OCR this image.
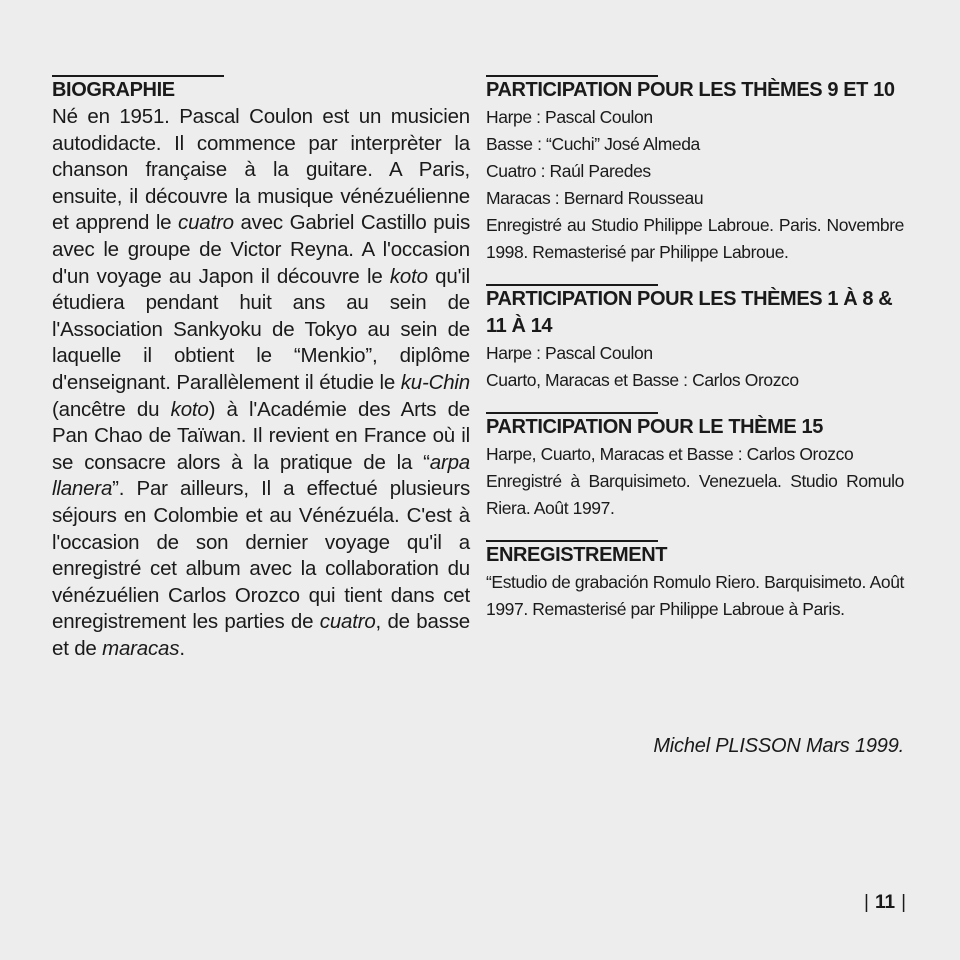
BIOGRAPHIE
Né en 1951. Pascal Coulon est un musicien autodidacte. Il commence par interprèter la chanson française à la guitare. A Paris, ensuite, il découvre la musique vénézuélienne et apprend le cuatro avec Gabriel Castillo puis avec le groupe de Victor Reyna. A l'occasion d'un voyage au Japon il découvre le koto qu'il étudiera pendant huit ans au sein de l'Association Sankyoku de Tokyo au sein de laquelle il obtient le “Menkio”, diplôme d'enseignant. Parallèlement il étudie le ku-Chin (ancêtre du koto) à l'Académie des Arts de Pan Chao de Taïwan. Il revient en France où il se consacre alors à la pratique de la “arpa llanera”. Par ailleurs, Il a effectué plusieurs séjours en Colombie et au Vénézuéla. C'est à l'occasion de son dernier voyage qu'il a enregistré cet album avec la collaboration du vénézuélien Carlos Orozco qui tient dans cet enregistrement les parties de cuatro, de basse et de maracas.
PARTICIPATION POUR LES THÈMES 9 ET 10
Harpe : Pascal Coulon
Basse : “Cuchi” José Almeda
Cuatro : Raúl Paredes
Maracas : Bernard Rousseau
Enregistré au Studio Philippe Labroue. Paris. Novembre 1998. Remasterisé par Philippe Labroue.
PARTICIPATION POUR LES THÈMES 1 À 8 & 11 À 14
Harpe : Pascal Coulon
Cuarto, Maracas et Basse : Carlos Orozco
PARTICIPATION POUR LE THÈME 15
Harpe, Cuarto, Maracas et Basse : Carlos Orozco
Enregistré à Barquisimeto. Venezuela. Studio Romulo Riera. Août 1997.
ENREGISTREMENT
“Estudio de grabación Romulo Riero. Barquisimeto. Août 1997. Remasterisé par Philippe Labroue à Paris.
Michel PLISSON Mars 1999.
| 11 |
